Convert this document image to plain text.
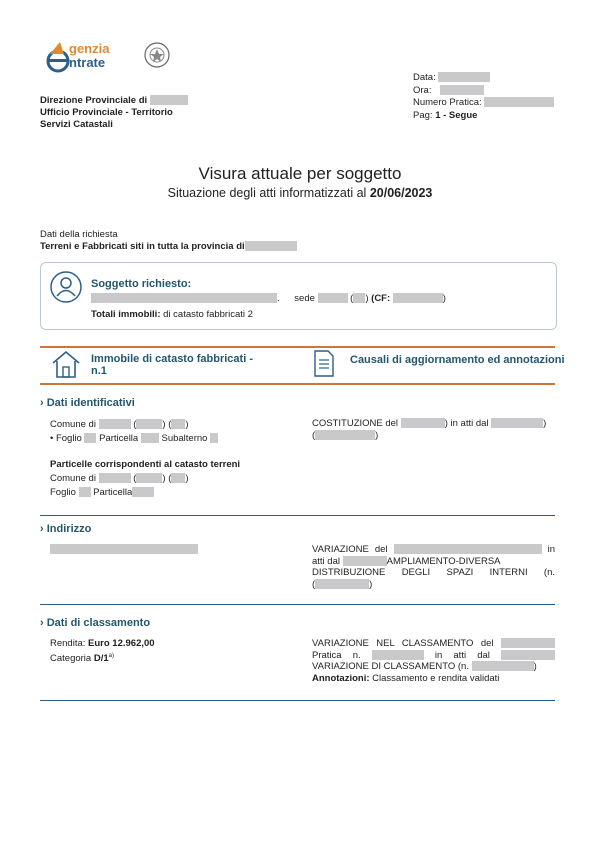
genzia
ntrate
Direzione Provinciale di
Ufficio Provinciale - Territorio
Servizi Catastali
Data:
Ora:
Numero Pratica:
Pag: 1 - Segue
Visura attuale per soggetto
Situazione degli atti informatizzati al 20/06/2023
Dati della richiesta
Terreni e Fabbricati siti in tutta la provincia di
Soggetto richiesto:
. sede	( ) (CF:	)
Totali immobili: di catasto fabbricati 2
Immobile di catasto fabbricati -
n.1
Causali di aggiornamento ed annotazioni
› Dati identificativi
Comune di	(	) ( )
• Foglio Particella Subalterno
Particelle corrispondenti al catasto terreni
Comune di	(	) ( )
Foglio Particella
COSTITUZIONE del	) in atti dal	)
(	)
› Indirizzo
VARIAZIONE del	in
atti dal	AMPLIAMENTO-DIVERSA
DISTRIBUZIONE DEGLI SPAZI INTERNI (n.
(	)
› Dati di classamento
Rendita: Euro 12.962,00
Categoria D/1$^{a)}$
VARIAZIONE NEL CLASSAMENTO del
Pratica n.	in atti dal
VARIAZIONE DI CLASSAMENTO (n.	)
Annotazioni: Classamento e rendita validati
